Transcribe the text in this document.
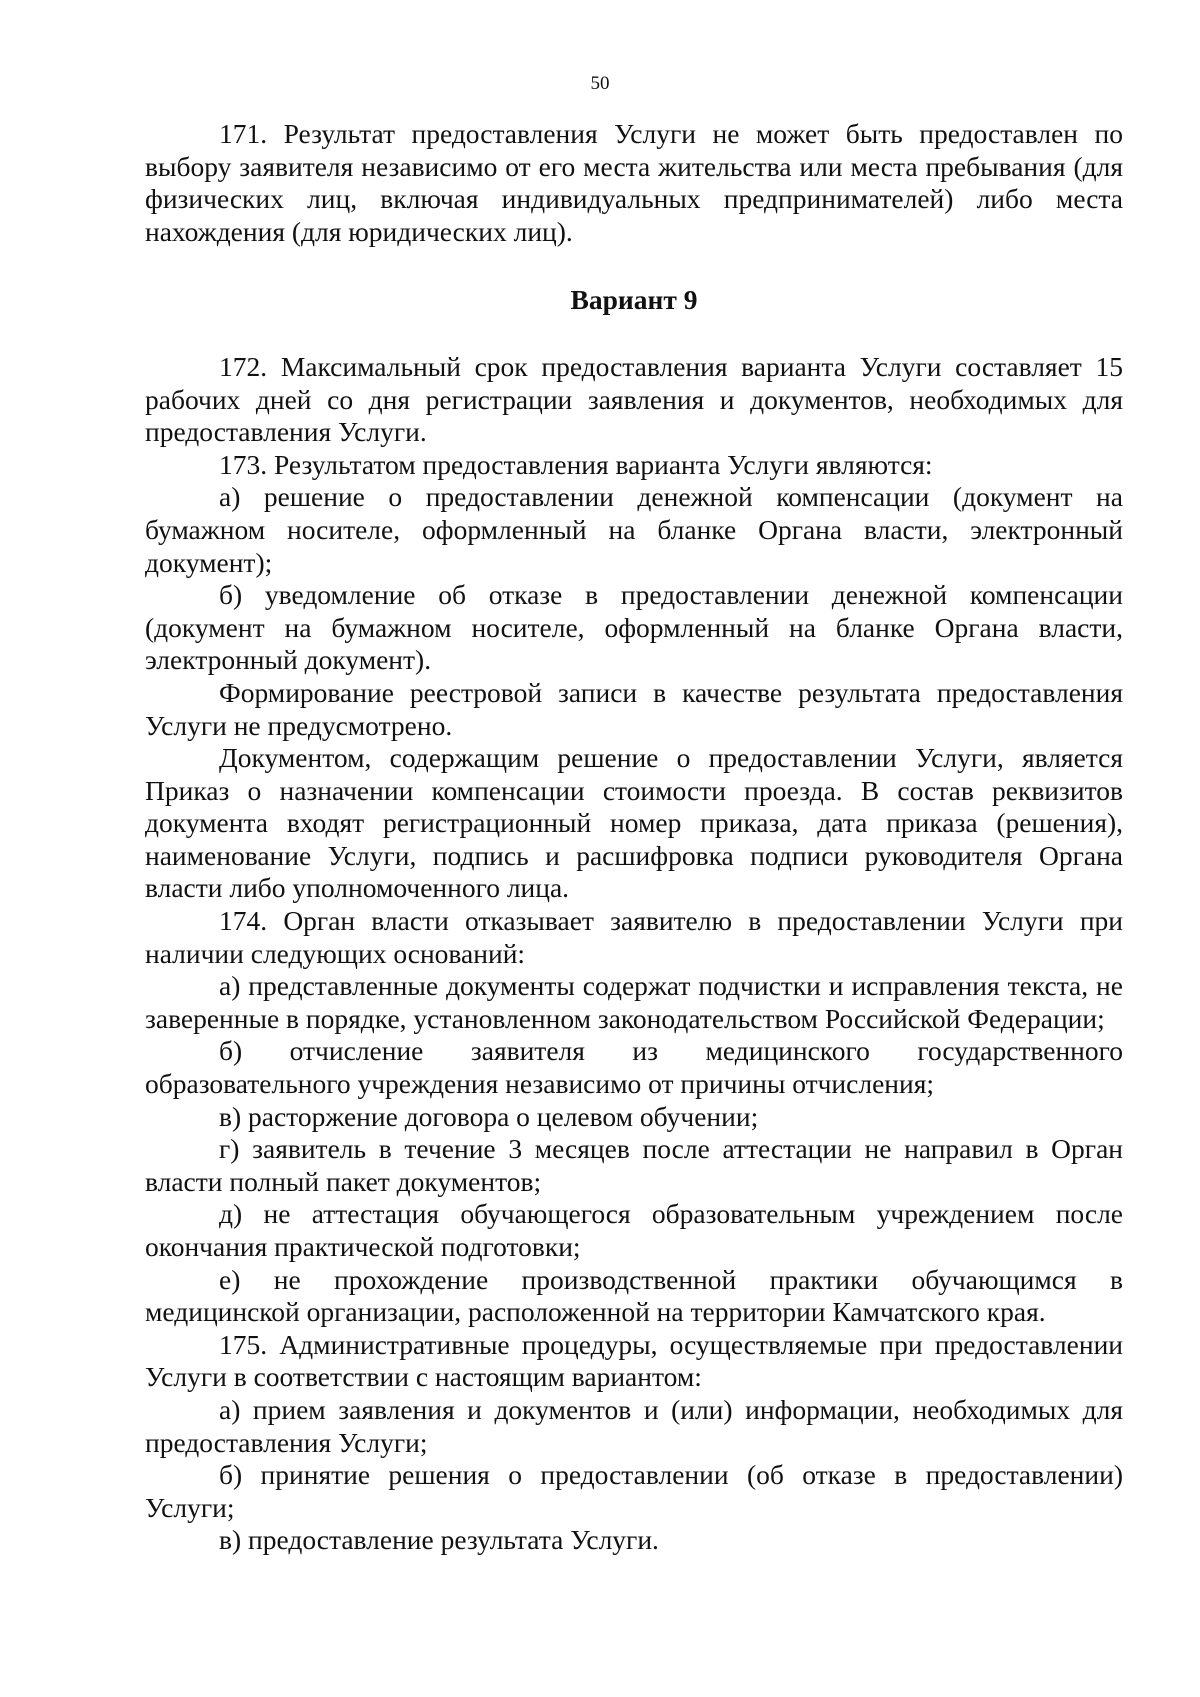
50

171. Результат предоставления Услуги не может быть предоставлен по выбору заявителя независимо от его места жительства или места пребывания (для физических лиц, включая индивидуальных предпринимателей) либо места нахождения (для юридических лиц).

Вариант 9

172. Максимальный срок предоставления варианта Услуги составляет 15 рабочих дней со дня регистрации заявления и документов, необходимых для предоставления Услуги.

173. Результатом предоставления варианта Услуги являются:

а) решение о предоставлении денежной компенсации (документ на бумажном носителе, оформленный на бланке Органа власти, электронный документ);

б) уведомление об отказе в предоставлении денежной компенсации (документ на бумажном носителе, оформленный на бланке Органа власти, электронный документ).

Формирование реестровой записи в качестве результата предоставления Услуги не предусмотрено.

Документом, содержащим решение о предоставлении Услуги, является Приказ о назначении компенсации стоимости проезда. В состав реквизитов документа входят регистрационный номер приказа, дата приказа (решения), наименование Услуги, подпись и расшифровка подписи руководителя Органа власти либо уполномоченного лица.

174. Орган власти отказывает заявителю в предоставлении Услуги при наличии следующих оснований:

а) представленные документы содержат подчистки и исправления текста, не заверенные в порядке, установленном законодательством Российской Федерации;

б) отчисление заявителя из медицинского государственного образовательного учреждения независимо от причины отчисления;

в) расторжение договора о целевом обучении;

г) заявитель в течение 3 месяцев после аттестации не направил в Орган власти полный пакет документов;

д) не аттестация обучающегося образовательным учреждением после окончания практической подготовки;

е) не прохождение производственной практики обучающимся в медицинской организации, расположенной на территории Камчатского края.

175. Административные процедуры, осуществляемые при предоставлении Услуги в соответствии с настоящим вариантом:

а) прием заявления и документов и (или) информации, необходимых для предоставления Услуги;

б) принятие решения о предоставлении (об отказе в предоставлении) Услуги;

в) предоставление результата Услуги.
